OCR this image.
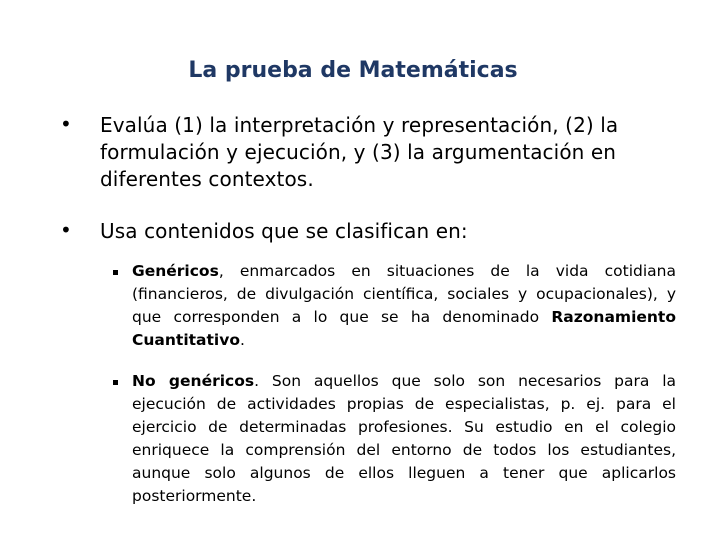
La prueba de Matemáticas
• Evalúa (1) la interpretación y representación, (2) la formulación y ejecución, y (3) la argumentación en diferentes contextos.
• Usa contenidos que se clasifican en:
Genéricos, enmarcados en situaciones de la vida cotidiana (financieros, de divulgación científica, sociales y ocupacionales), y que corresponden a lo que se ha denominado Razonamiento Cuantitativo.
No genéricos. Son aquellos que solo son necesarios para la ejecución de actividades propias de especialistas, p. ej. para el ejercicio de determinadas profesiones. Su estudio en el colegio enriquece la comprensión del entorno de todos los estudiantes, aunque solo algunos de ellos lleguen a tener que aplicarlos posteriormente.
